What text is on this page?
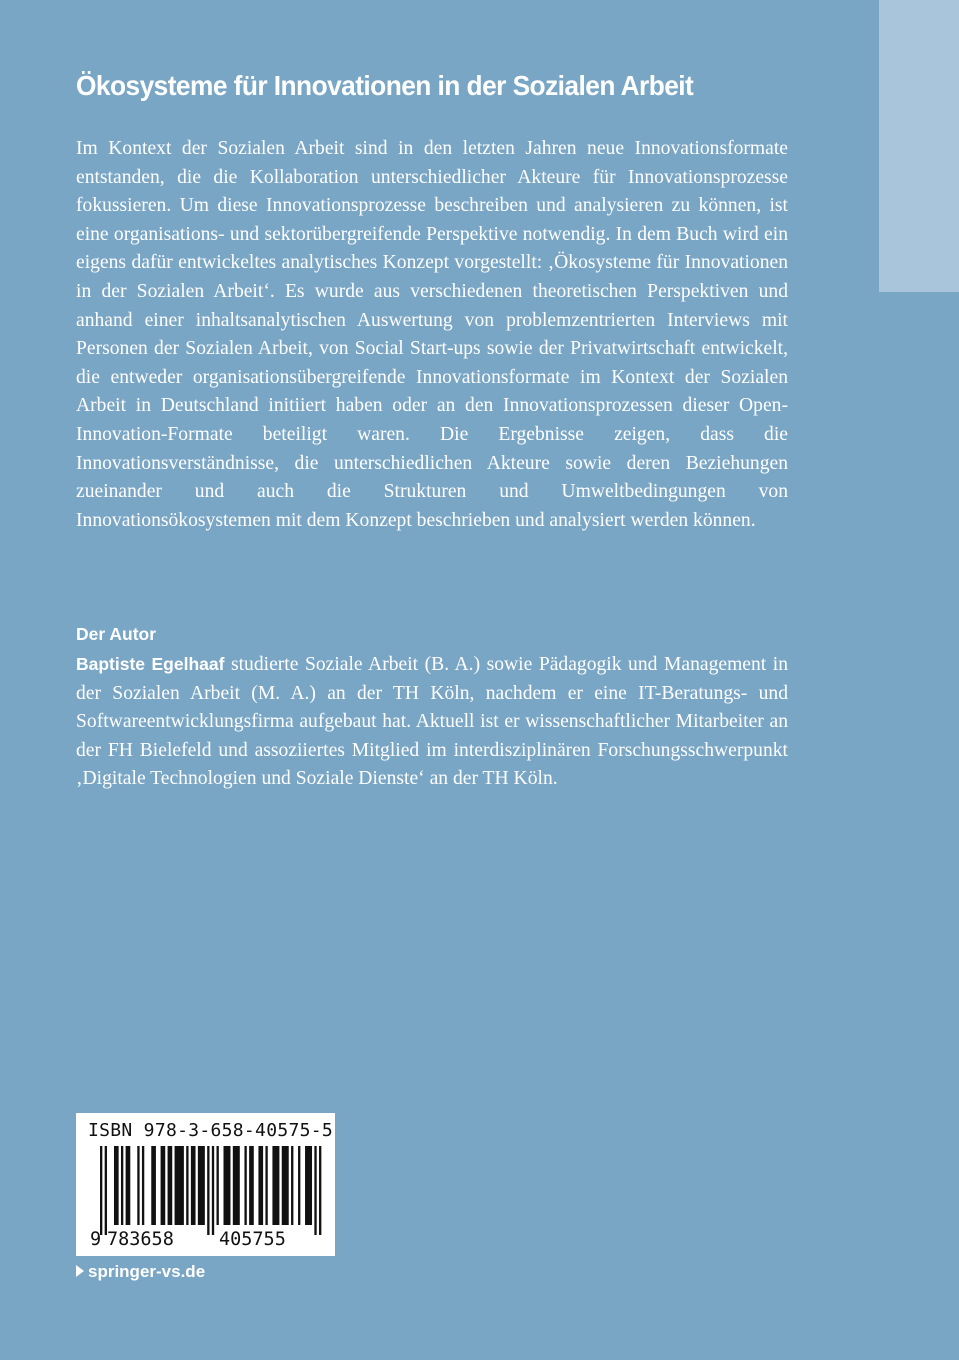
Ökosysteme für Innovationen in der Sozialen Arbeit

Im Kontext der Sozialen Arbeit sind in den letzten Jahren neue Innovationsformate entstanden, die die Kollaboration unterschiedlicher Akteure für Innovationsprozesse fokussieren. Um diese Innovationsprozesse beschreiben und analysieren zu können, ist eine organisations- und sektorübergreifende Perspektive notwendig. In dem Buch wird ein eigens dafür entwickeltes analytisches Konzept vorgestellt: ‚Ökosysteme für Innovationen in der Sozialen Arbeit‘. Es wurde aus verschiedenen theoretischen Perspektiven und anhand einer inhaltsanalytischen Auswertung von problemzentrierten Interviews mit Personen der Sozialen Arbeit, von Social Start-ups sowie der Privatwirtschaft entwickelt, die entweder organisationsübergreifende Innovationsformate im Kontext der Sozialen Arbeit in Deutschland initiiert haben oder an den Innovationsprozessen dieser Open-Innovation-Formate beteiligt waren. Die Ergebnisse zeigen, dass die Innovationsverständnisse, die unterschiedlichen Akteure sowie deren Beziehungen zueinander und auch die Strukturen und Umweltbedingungen von Innovationsökosystemen mit dem Konzept beschrieben und analysiert werden können.

Der Autor

Baptiste Egelhaaf studierte Soziale Arbeit (B. A.) sowie Pädagogik und Management in der Sozialen Arbeit (M. A.) an der TH Köln, nachdem er eine IT-Beratungs- und Softwareentwicklungsfirma aufgebaut hat. Aktuell ist er wissenschaftlicher Mitarbeiter an der FH Bielefeld und assoziiertes Mitglied im interdisziplinären Forschungsschwerpunkt ‚Digitale Technologien und Soziale Dienste‘ an der TH Köln.

ISBN 978-3-658-40575-5
9 783658 405755
springer-vs.de
